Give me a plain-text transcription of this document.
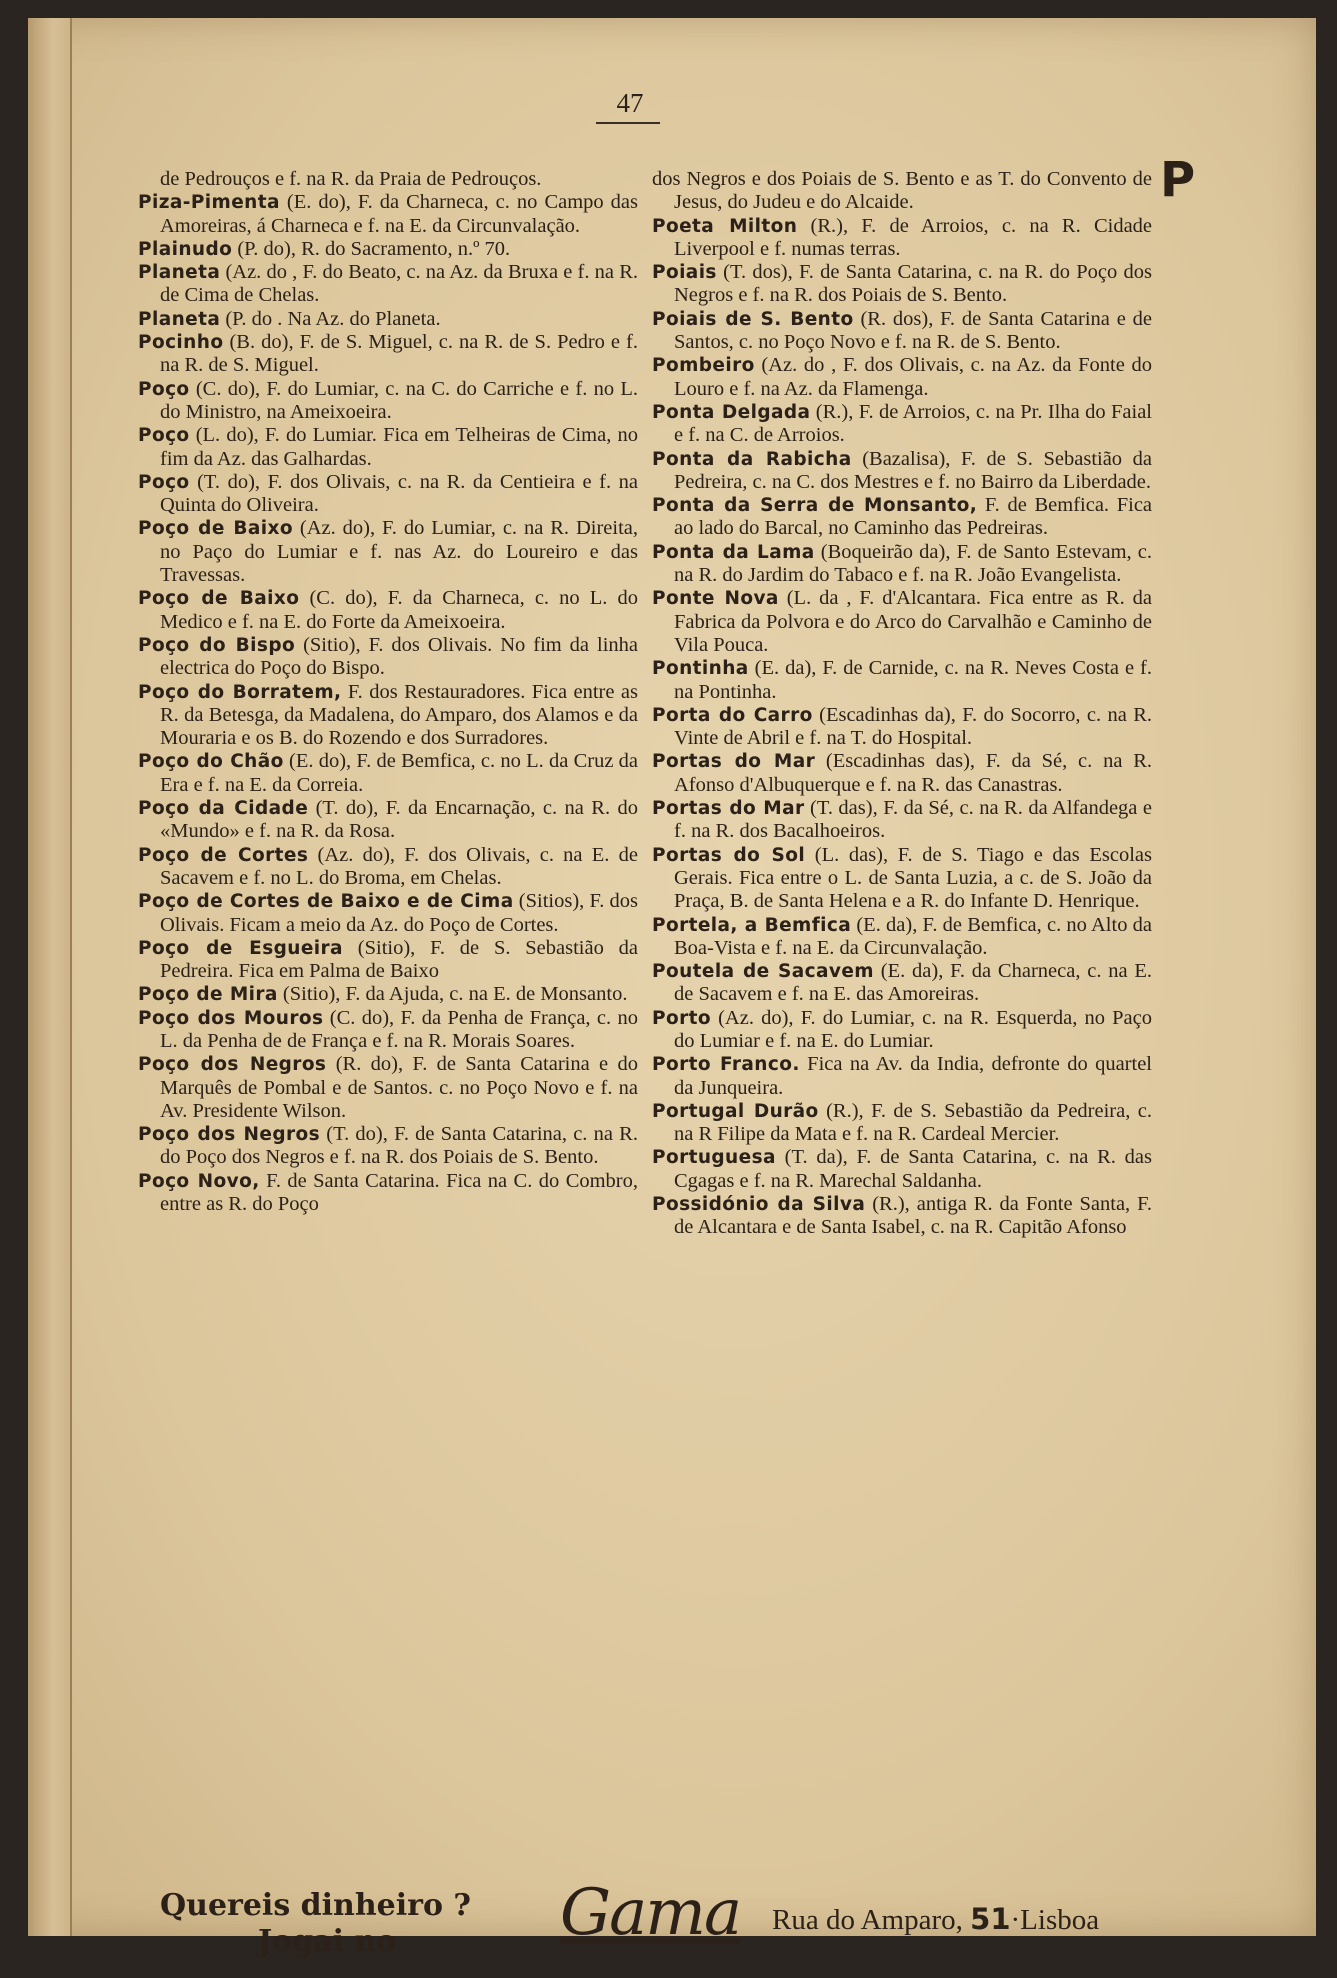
47
P

de Pedrouços e f. na R. da Praia de Pedrouços.

Piza-Pimenta (E. do), F. da Charneca, c. no Campo das Amoreiras, á Charneca e f. na E. da Circunvalação.

Plainudo (P. do), R. do Sacramento, n.º 70.

Planeta (Az. do , F. do Beato, c. na Az. da Bruxa e f. na R. de Cima de Chelas.

Planeta (P. do . Na Az. do Planeta.

Pocinho (B. do), F. de S. Miguel, c. na R. de S. Pedro e f. na R. de S. Miguel.

Poço (C. do), F. do Lumiar, c. na C. do Carriche e f. no L. do Ministro, na Ameixoeira.

Poço (L. do), F. do Lumiar. Fica em Telheiras de Cima, no fim da Az. das Galhardas.

Poço (T. do), F. dos Olivais, c. na R. da Centieira e f. na Quinta do Oliveira.

Poço de Baixo (Az. do), F. do Lumiar, c. na R. Direita, no Paço do Lumiar e f. nas Az. do Loureiro e das Travessas.

Poço de Baixo (C. do), F. da Charneca, c. no L. do Medico e f. na E. do Forte da Ameixoeira.

Poço do Bispo (Sitio), F. dos Olivais. No fim da linha electrica do Poço do Bispo.

Poço do Borratem, F. dos Restauradores. Fica entre as R. da Betesga, da Madalena, do Amparo, dos Alamos e da Mouraria e os B. do Rozendo e dos Surradores.

Poço do Chão (E. do), F. de Bemfica, c. no L. da Cruz da Era e f. na E. da Correia.

Poço da Cidade (T. do), F. da Encarnação, c. na R. do «Mundo» e f. na R. da Rosa.

Poço de Cortes (Az. do), F. dos Olivais, c. na E. de Sacavem e f. no L. do Broma, em Chelas.

Poço de Cortes de Baixo e de Cima (Sitios), F. dos Olivais. Ficam a meio da Az. do Poço de Cortes.

Poço de Esgueira (Sitio), F. de S. Sebastião da Pedreira. Fica em Palma de Baixo

Poço de Mira (Sitio), F. da Ajuda, c. na E. de Monsanto.

Poço dos Mouros (C. do), F. da Penha de França, c. no L. da Penha de de França e f. na R. Morais Soares.

Poço dos Negros (R. do), F. de Santa Catarina e do Marquês de Pombal e de Santos. c. no Poço Novo e f. na Av. Presidente Wilson.

Poço dos Negros (T. do), F. de Santa Catarina, c. na R. do Poço dos Negros e f. na R. dos Poiais de S. Bento.

Poço Novo, F. de Santa Catarina. Fica na C. do Combro, entre as R. do Poço

dos Negros e dos Poiais de S. Bento e as T. do Convento de Jesus, do Judeu e do Alcaide.

Poeta Milton (R.), F. de Arroios, c. na R. Cidade Liverpool e f. numas terras.

Poiais (T. dos), F. de Santa Catarina, c. na R. do Poço dos Negros e f. na R. dos Poiais de S. Bento.

Poiais de S. Bento (R. dos), F. de Santa Catarina e de Santos, c. no Poço Novo e f. na R. de S. Bento.

Pombeiro (Az. do , F. dos Olivais, c. na Az. da Fonte do Louro e f. na Az. da Flamenga.

Ponta Delgada (R.), F. de Arroios, c. na Pr. Ilha do Faial e f. na C. de Arroios.

Ponta da Rabicha (Bazalisa), F. de S. Sebastião da Pedreira, c. na C. dos Mestres e f. no Bairro da Liberdade.

Ponta da Serra de Monsanto, F. de Bemfica. Fica ao lado do Barcal, no Caminho das Pedreiras.

Ponta da Lama (Boqueirão da), F. de Santo Estevam, c. na R. do Jardim do Tabaco e f. na R. João Evangelista.

Ponte Nova (L. da , F. d'Alcantara. Fica entre as R. da Fabrica da Polvora e do Arco do Carvalhão e Caminho de Vila Pouca.

Pontinha (E. da), F. de Carnide, c. na R. Neves Costa e f. na Pontinha.

Porta do Carro (Escadinhas da), F. do Socorro, c. na R. Vinte de Abril e f. na T. do Hospital.

Portas do Mar (Escadinhas das), F. da Sé, c. na R. Afonso d'Albuquerque e f. na R. das Canastras.

Portas do Mar (T. das), F. da Sé, c. na R. da Alfandega e f. na R. dos Bacalhoeiros.

Portas do Sol (L. das), F. de S. Tiago e das Escolas Gerais. Fica entre o L. de Santa Luzia, a c. de S. João da Praça, B. de Santa Helena e a R. do Infante D. Henrique.

Portela, a Bemfica (E. da), F. de Bemfica, c. no Alto da Boa-Vista e f. na E. da Circunvalação.

Poutela de Sacavem (E. da), F. da Charneca, c. na E. de Sacavem e f. na E. das Amoreiras.

Porto (Az. do), F. do Lumiar, c. na R. Esquerda, no Paço do Lumiar e f. na E. do Lumiar.

Porto Franco. Fica na Av. da India, defronte do quartel da Junqueira.

Portugal Durão (R.), F. de S. Sebastião da Pedreira, c. na R Filipe da Mata e f. na R. Cardeal Mercier.

Portuguesa (T. da), F. de Santa Catarina, c. na R. das Cgagas e f. na R. Marechal Saldanha.

Possidónio da Silva (R.), antiga R. da Fonte Santa, F. de Alcantara e de Santa Isabel, c. na R. Capitão Afonso

Quereis dinheiro ?
Jogai no	Gama Rua do Amparo, 51·Lisboa
